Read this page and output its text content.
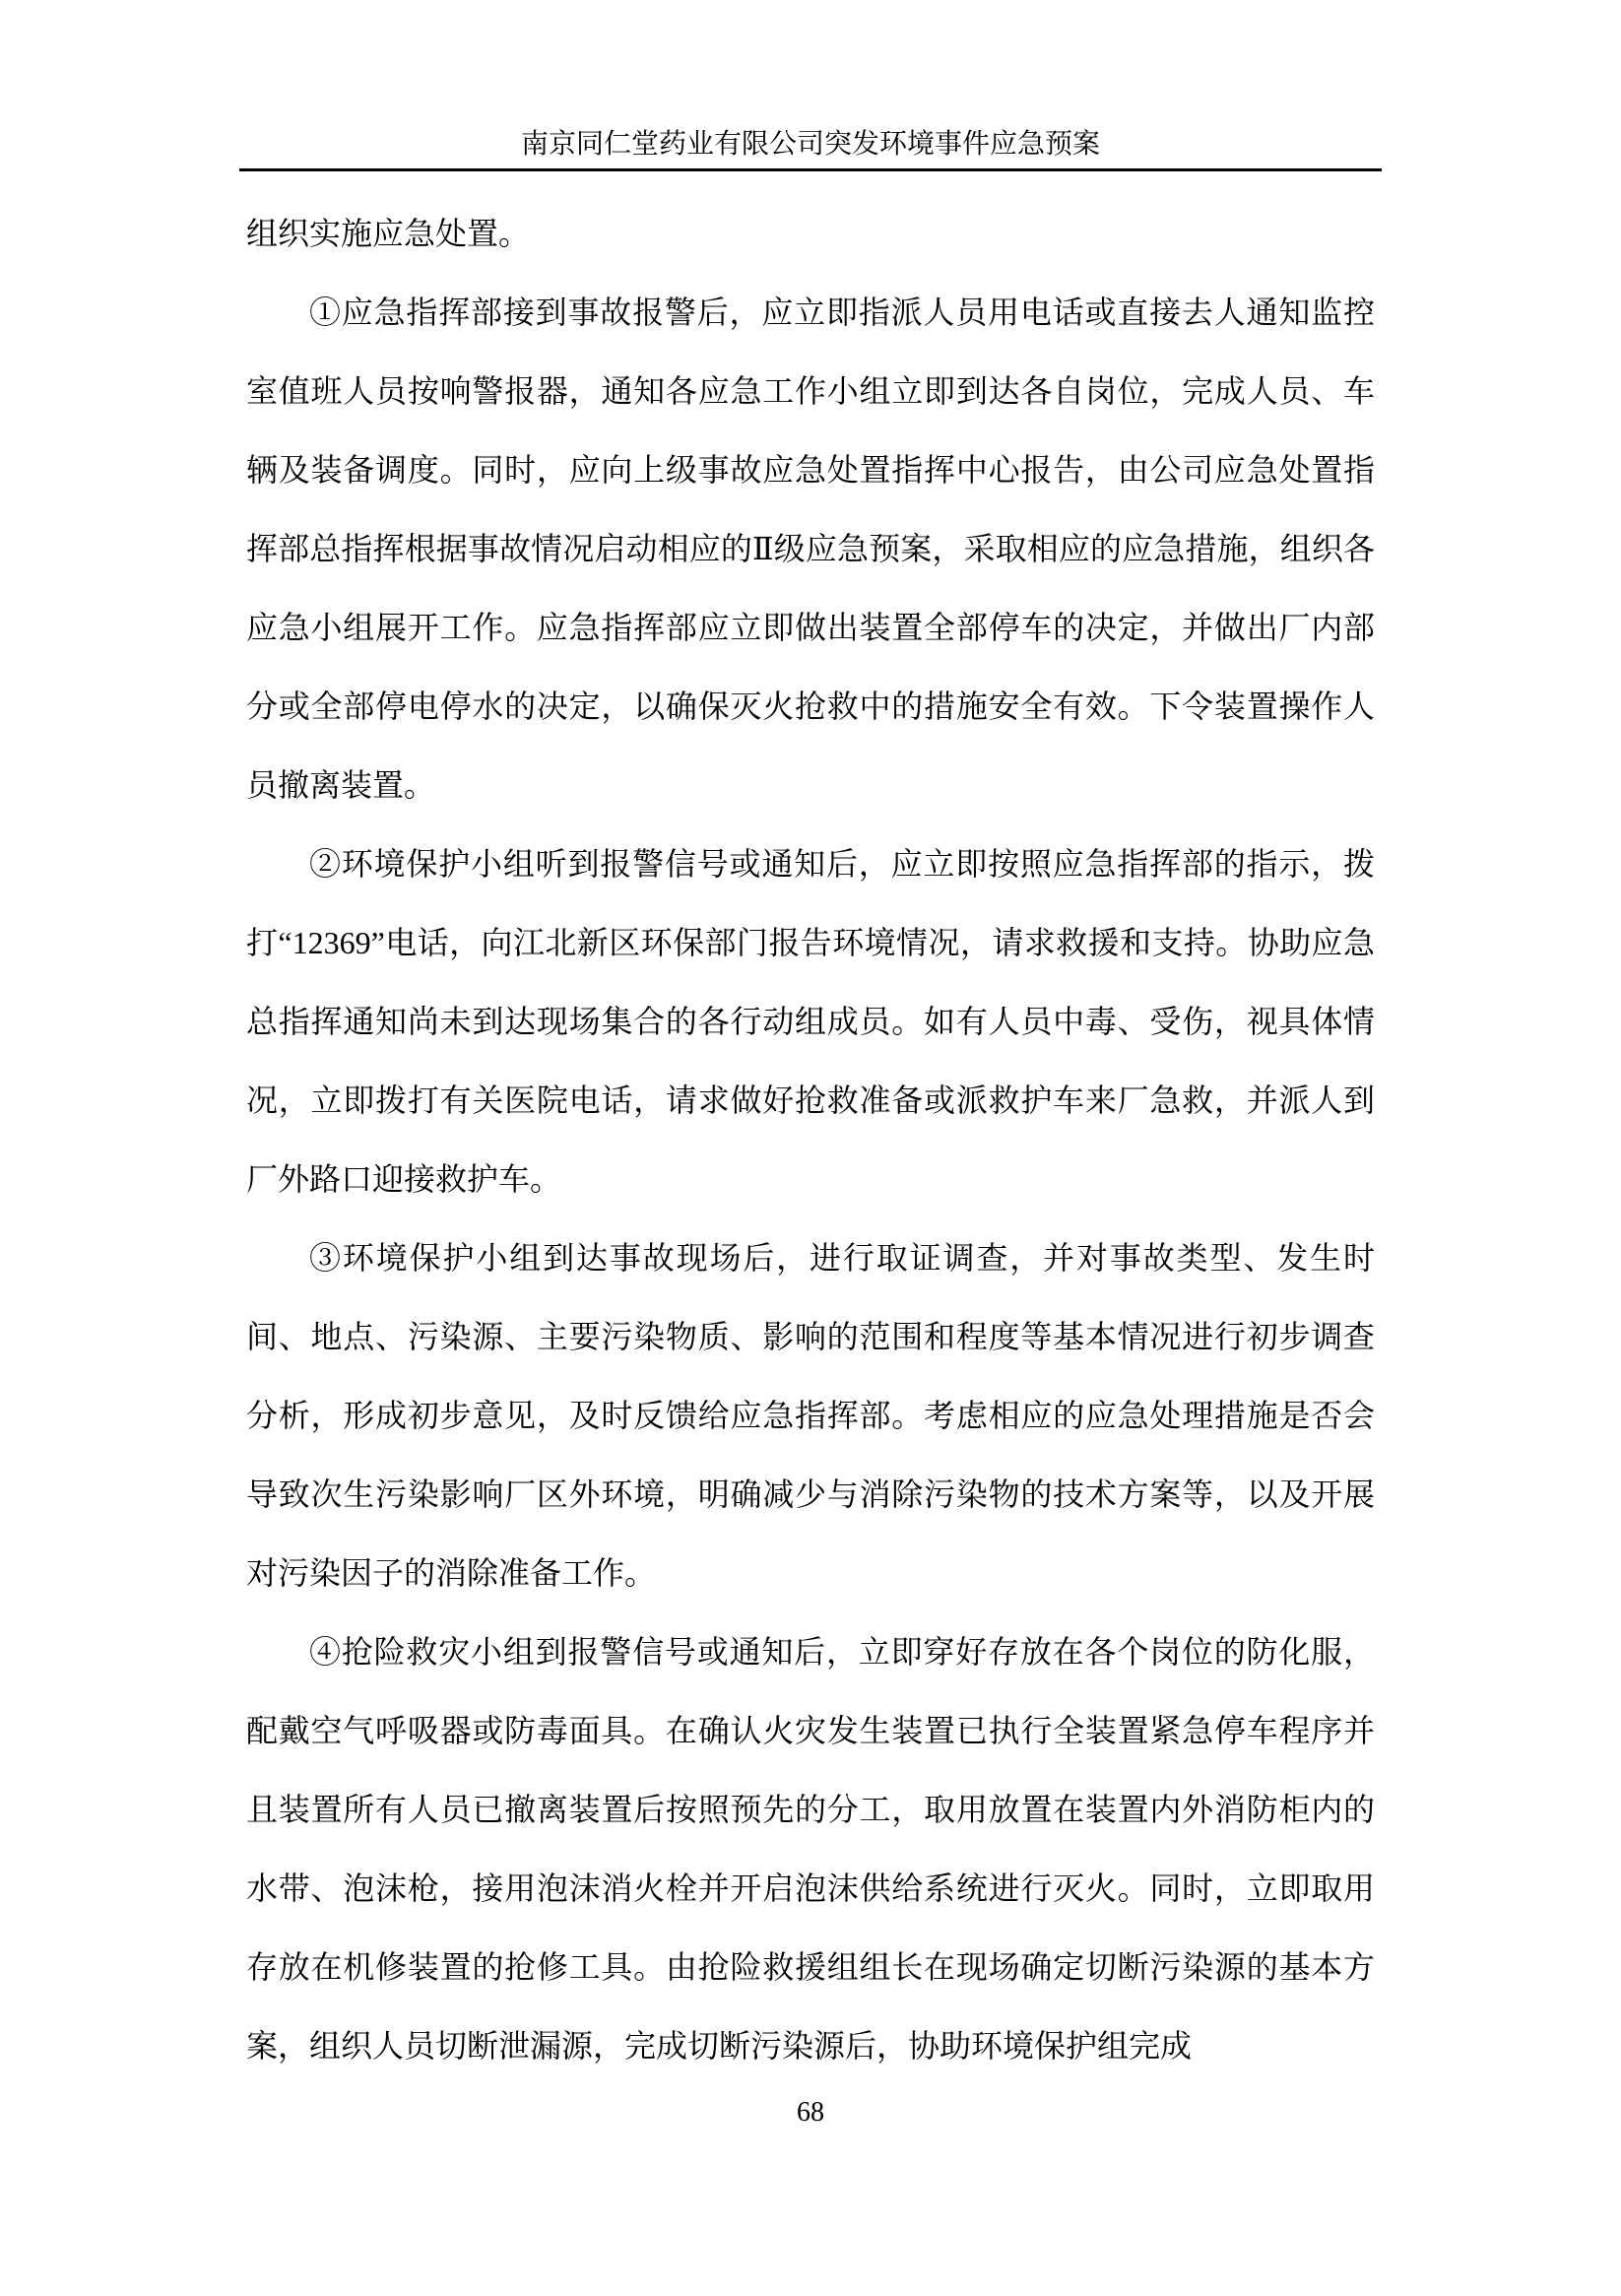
南京同仁堂药业有限公司突发环境事件应急预案

组织实施应急处置。

①应急指挥部接到事故报警后，应立即指派人员用电话或直接去人通知监控室值班人员按响警报器，通知各应急工作小组立即到达各自岗位，完成人员、车辆及装备调度。同时，应向上级事故应急处置指挥中心报告，由公司应急处置指挥部总指挥根据事故情况启动相应的Ⅱ级应急预案，采取相应的应急措施，组织各应急小组展开工作。应急指挥部应立即做出装置全部停车的决定，并做出厂内部分或全部停电停水的决定，以确保灭火抢救中的措施安全有效。下令装置操作人员撤离装置。

②环境保护小组听到报警信号或通知后，应立即按照应急指挥部的指示，拨打“12369”电话，向江北新区环保部门报告环境情况，请求救援和支持。协助应急总指挥通知尚未到达现场集合的各行动组成员。如有人员中毒、受伤，视具体情况，立即拨打有关医院电话，请求做好抢救准备或派救护车来厂急救，并派人到厂外路口迎接救护车。

③环境保护小组到达事故现场后，进行取证调查，并对事故类型、发生时间、地点、污染源、主要污染物质、影响的范围和程度等基本情况进行初步调查分析，形成初步意见，及时反馈给应急指挥部。考虑相应的应急处理措施是否会导致次生污染影响厂区外环境，明确减少与消除污染物的技术方案等，以及开展对污染因子的消除准备工作。

④抢险救灾小组到报警信号或通知后，立即穿好存放在各个岗位的防化服，配戴空气呼吸器或防毒面具。在确认火灾发生装置已执行全装置紧急停车程序并且装置所有人员已撤离装置后按照预先的分工，取用放置在装置内外消防柜内的水带、泡沫枪，接用泡沫消火栓并开启泡沫供给系统进行灭火。同时，立即取用存放在机修装置的抢修工具。由抢险救援组组长在现场确定切断污染源的基本方案，组织人员切断泄漏源，完成切断污染源后，协助环境保护组完成

68
